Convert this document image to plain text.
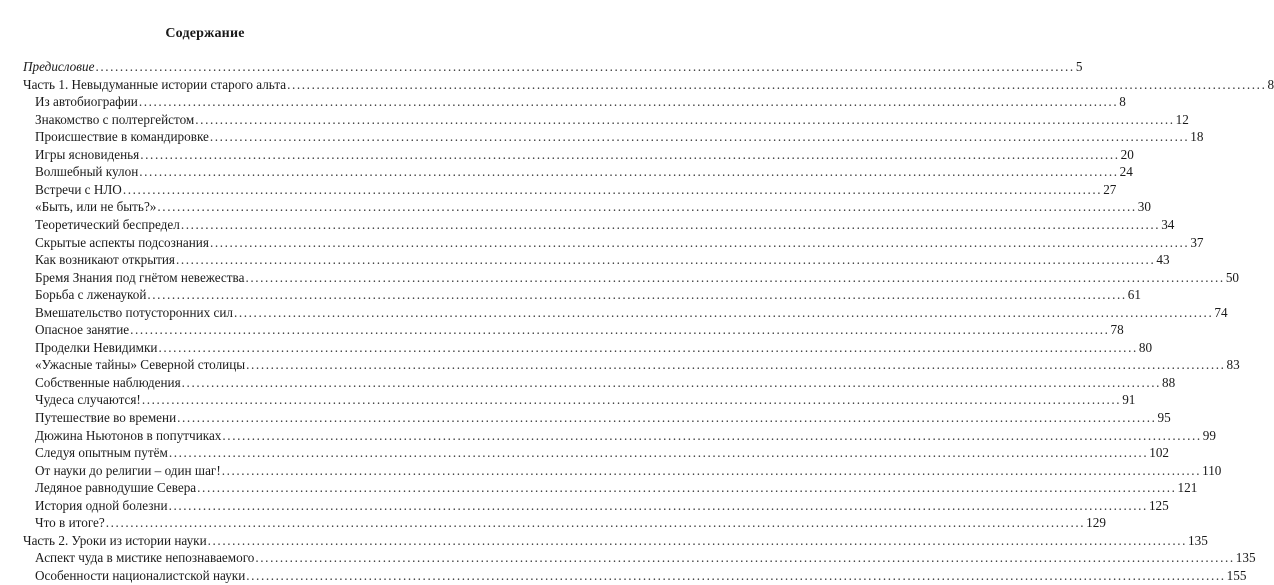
Содержание
Предисловие .....	5
Часть 1. Невыдуманные истории старого альта .....	8
Из автобиографии .....	8
Знакомство с полтергейстом .....	12
Происшествие в командировке .....	18
Игры ясновиденья .....	20
Волшебный кулон .....	24
Встречи с НЛО .....	27
«Быть, или не быть?» .....	30
Теоретический беспредел .....	34
Скрытые аспекты подсознания .....	37
Как возникают открытия .....	43
Бремя Знания под гнётом невежества .....	50
Борьба с лженаукой .....	61
Вмешательство потусторонних сил .....	74
Опасное занятие .....	78
Проделки Невидимки .....	80
«Ужасные тайны» Северной столицы .....	83
Собственные наблюдения .....	88
Чудеса случаются! .....	91
Путешествие во времени .....	95
Дюжина Ньютонов в попутчиках .....	99
Следуя опытным путём .....	102
От науки до религии – один шаг! .....	110
Ледяное равнодушие Севера .....	121
История одной болезни .....	125
Что в итоге? .....	129
Часть 2. Уроки из истории науки .....	135
Аспект чуда в мистике непознаваемого .....	135
Особенности националистской науки .....	155
